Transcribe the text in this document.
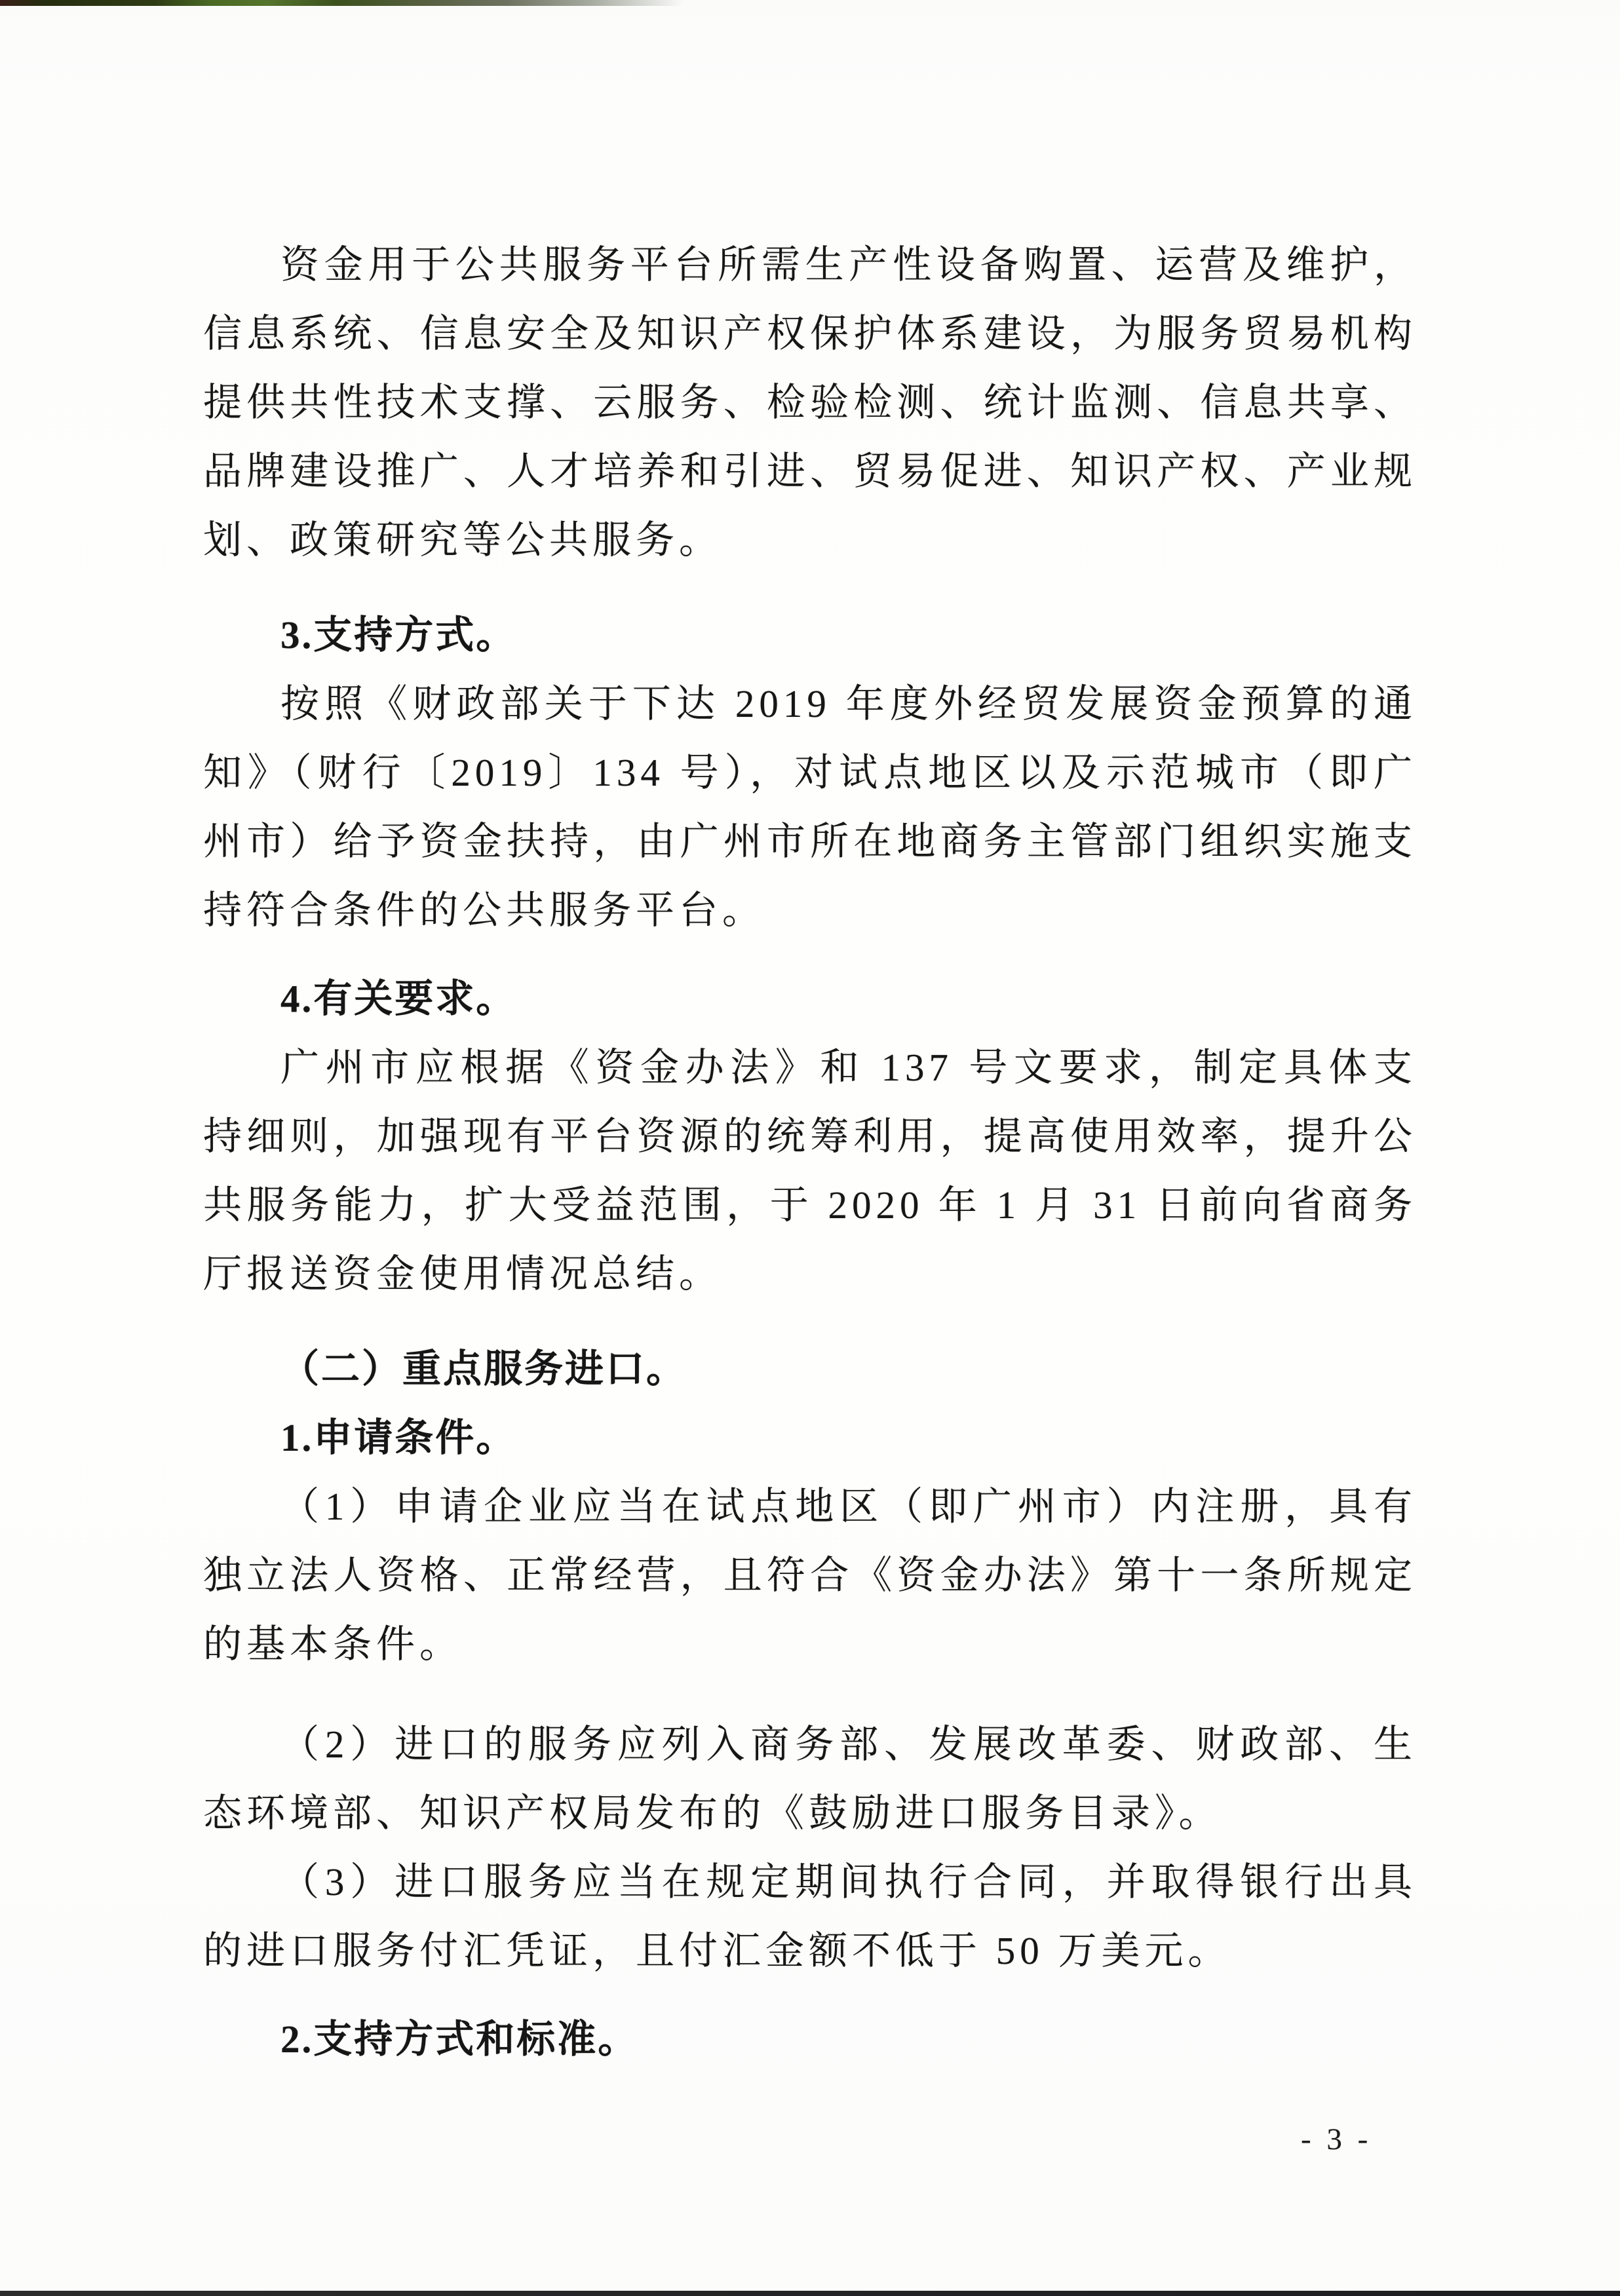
资金用于公共服务平台所需生产性设备购置、运营及维护，信息系统、信息安全及知识产权保护体系建设，为服务贸易机构提供共性技术支撑、云服务、检验检测、统计监测、信息共享、品牌建设推广、人才培养和引进、贸易促进、知识产权、产业规划、政策研究等公共服务。

3.支持方式。

按照《财政部关于下达 2019 年度外经贸发展资金预算的通知》（财行〔2019〕134 号），对试点地区以及示范城市（即广州市）给予资金扶持，由广州市所在地商务主管部门组织实施支持符合条件的公共服务平台。

4.有关要求。

广州市应根据《资金办法》和 137 号文要求，制定具体支持细则，加强现有平台资源的统筹利用，提高使用效率，提升公共服务能力，扩大受益范围，于 2020 年 1 月 31 日前向省商务厅报送资金使用情况总结。

（二）重点服务进口。

1.申请条件。

（1）申请企业应当在试点地区（即广州市）内注册，具有独立法人资格、正常经营，且符合《资金办法》第十一条所规定的基本条件。

（2）进口的服务应列入商务部、发展改革委、财政部、生态环境部、知识产权局发布的《鼓励进口服务目录》。

（3）进口服务应当在规定期间执行合同，并取得银行出具的进口服务付汇凭证，且付汇金额不低于 50 万美元。

2.支持方式和标准。

- 3 -
